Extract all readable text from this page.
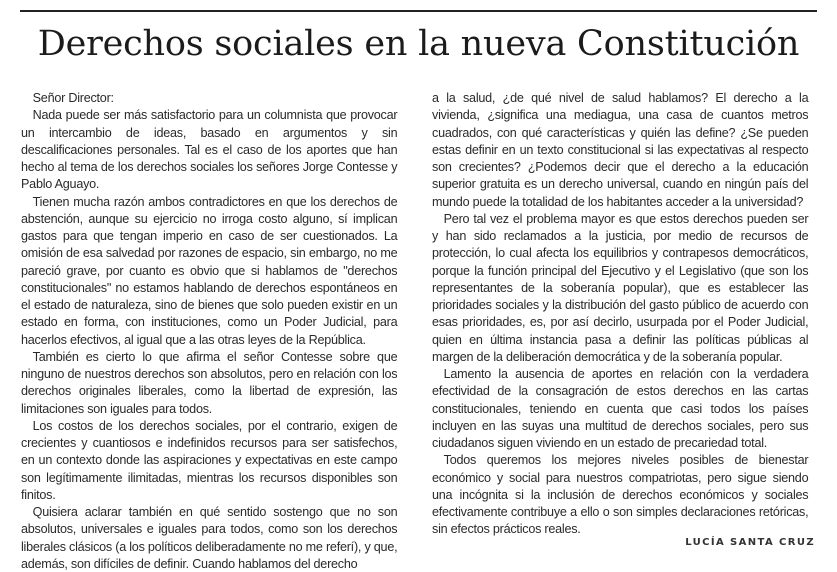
Derechos sociales en la nueva Constitución

Señor Director:

Nada puede ser más satisfactorio para un columnista que provocar un intercambio de ideas, basado en argumentos y sin descalificaciones personales. Tal es el caso de los aportes que han hecho al tema de los derechos sociales los señores Jorge Contesse y Pablo Aguayo.

Tienen mucha razón ambos contradictores en que los derechos de abstención, aunque su ejercicio no irroga costo alguno, sí implican gastos para que tengan imperio en caso de ser cuestionados. La omisión de esa salvedad por razones de espacio, sin embargo, no me pareció grave, por cuanto es obvio que si hablamos de "derechos constitucionales" no estamos hablando de derechos espontáneos en el estado de naturaleza, sino de bienes que solo pueden existir en un estado en forma, con instituciones, como un Poder Judicial, para hacerlos efectivos, al igual que a las otras leyes de la República.

También es cierto lo que afirma el señor Contesse sobre que ninguno de nuestros derechos son absolutos, pero en relación con los derechos originales liberales, como la libertad de expresión, las limitaciones son iguales para todos.

Los costos de los derechos sociales, por el contrario, exigen de crecientes y cuantiosos e indefinidos recursos para ser satisfechos, en un contexto donde las aspiraciones y expectativas en este campo son legítimamente ilimitadas, mientras los recursos disponibles son finitos.

Quisiera aclarar también en qué sentido sostengo que no son absolutos, universales e iguales para todos, como son los derechos liberales clásicos (a los políticos deliberadamente no me referí), y que, además, son difíciles de definir. Cuando hablamos del derecho

a la salud, ¿de qué nivel de salud hablamos? El derecho a la vivienda, ¿significa una mediagua, una casa de cuantos metros cuadrados, con qué características y quién las define? ¿Se pueden estas definir en un texto constitucional si las expectativas al respecto son crecientes? ¿Podemos decir que el derecho a la educación superior gratuita es un derecho universal, cuando en ningún país del mundo puede la totalidad de los habitantes acceder a la universidad?

Pero tal vez el problema mayor es que estos derechos pueden ser y han sido reclamados a la justicia, por medio de recursos de protección, lo cual afecta los equilibrios y contrapesos democráticos, porque la función principal del Ejecutivo y el Legislativo (que son los representantes de la soberanía popular), que es establecer las prioridades sociales y la distribución del gasto público de acuerdo con esas prioridades, es, por así decirlo, usurpada por el Poder Judicial, quien en última instancia pasa a definir las políticas públicas al margen de la deliberación democrática y de la soberanía popular.

Lamento la ausencia de aportes en relación con la verdadera efectividad de la consagración de estos derechos en las cartas constitucionales, teniendo en cuenta que casi todos los países incluyen en las suyas una multitud de derechos sociales, pero sus ciudadanos siguen viviendo en un estado de precariedad total.

Todos queremos los mejores niveles posibles de bienestar económico y social para nuestros compatriotas, pero sigue siendo una incógnita si la inclusión de derechos económicos y sociales efectivamente contribuye a ello o son simples declaraciones retóricas, sin efectos prácticos reales.

LUCÍA SANTA CRUZ
